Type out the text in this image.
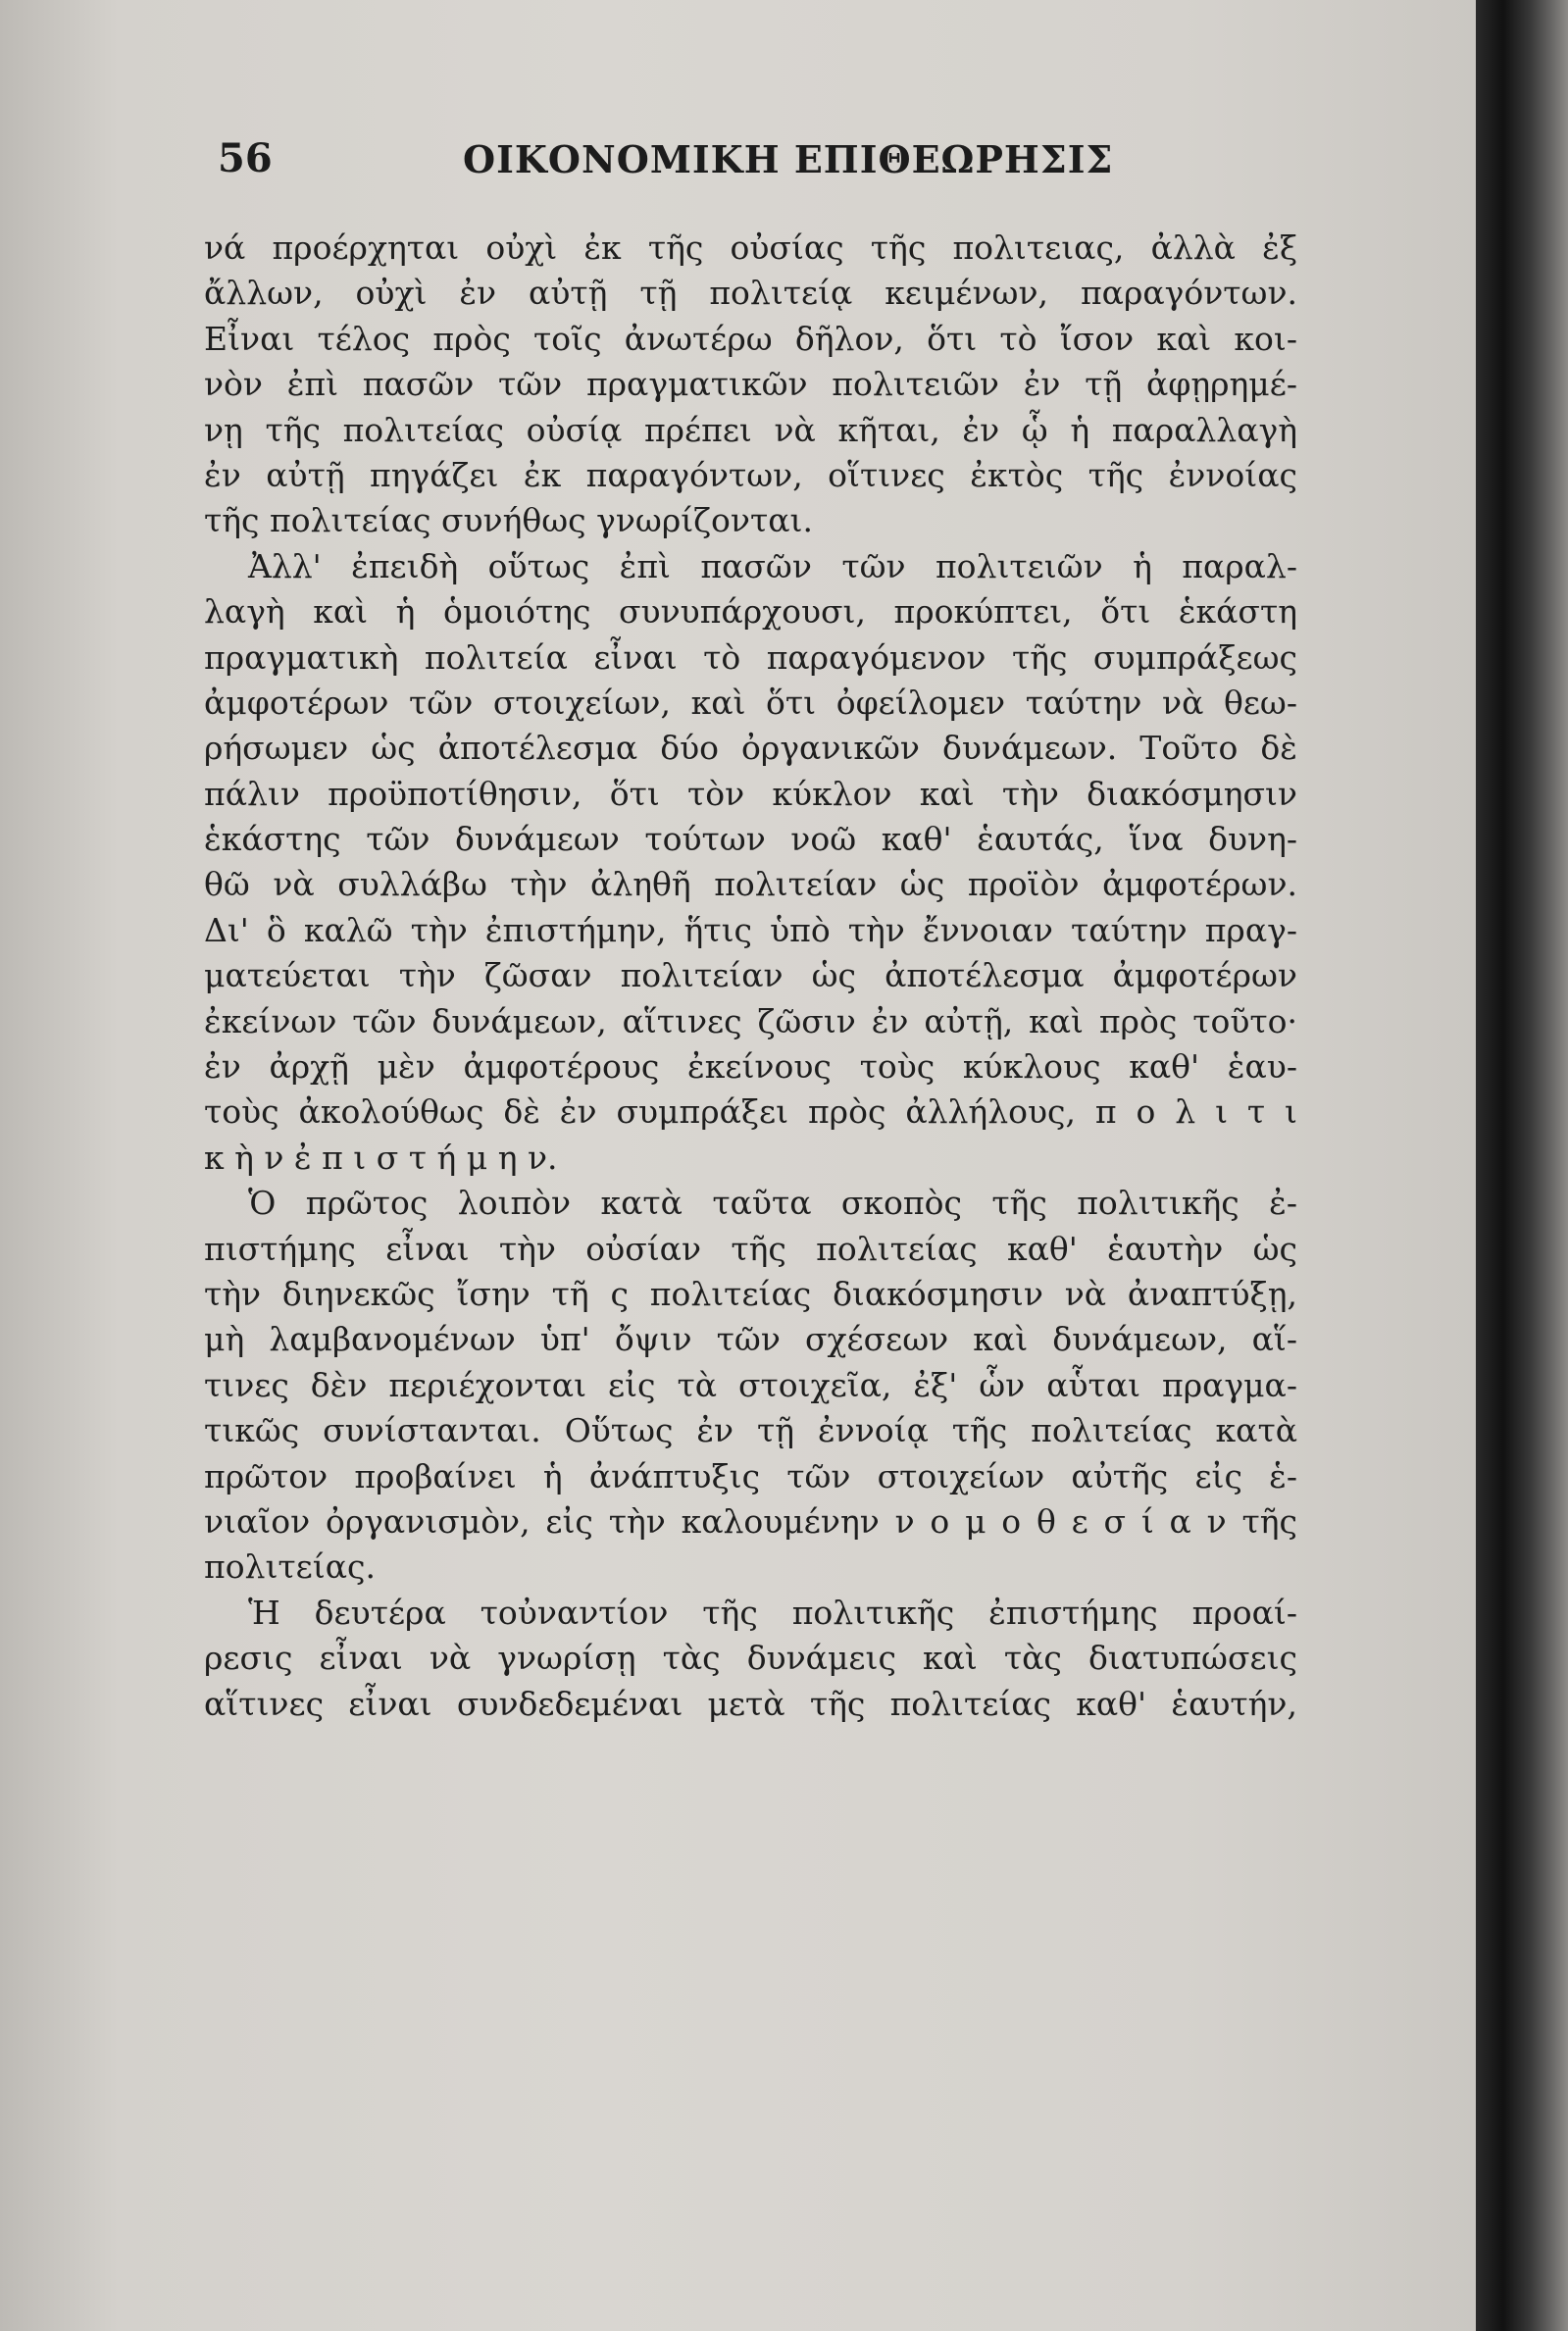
56	ΟΙΚΟΝΟΜΙΚΗ ΕΠΙΘΕΩΡΗΣΙΣ
νά προέρχηται οὐχὶ ἐκ τῆς οὐσίας τῆς πολιτειας, ἀλλὰ ἐξ
ἄλλων, οὐχὶ ἐν αὐτῇ τῇ πολιτείᾳ κειμένων, παραγόντων.
Εἶναι τέλος πρὸς τοῖς ἀνωτέρω δῆλον, ὅτι τὸ ἴσον καὶ κοι-
νὸν ἐπὶ πασῶν τῶν πραγματικῶν πολιτειῶν ἐν τῇ ἀφῃρημέ-
νῃ τῆς πολιτείας οὐσίᾳ πρέπει νὰ κῆται, ἐν ᾧ ἡ παραλλαγὴ
ἐν αὐτῇ πηγάζει ἐκ παραγόντων, οἵτινες ἐκτὸς τῆς ἐννοίας
τῆς πολιτείας συνήθως γνωρίζονται.
Ἀλλ' ἐπειδὴ οὕτως ἐπὶ πασῶν τῶν πολιτειῶν ἡ παραλ-
λαγὴ καὶ ἡ ὁμοιότης συνυπάρχουσι, προκύπτει, ὅτι ἑκάστη
πραγματικὴ πολιτεία εἶναι τὸ παραγόμενον τῆς συμπράξεως
ἀμφοτέρων τῶν στοιχείων, καὶ ὅτι ὀφείλομεν ταύτην νὰ θεω-
ρήσωμεν ὡς ἀποτέλεσμα δύο ὀργανικῶν δυνάμεων. Τοῦτο δὲ
πάλιν προϋποτίθησιν, ὅτι τὸν κύκλον καὶ τὴν διακόσμησιν
ἑκάστης τῶν δυνάμεων τούτων νοῶ καθ' ἑαυτάς, ἵνα δυνη-
θῶ νὰ συλλάβω τὴν ἀληθῆ πολιτείαν ὡς προϊὸν ἀμφοτέρων.
Δι' ὃ καλῶ τὴν ἐπιστήμην, ἥτις ὑπὸ τὴν ἔννοιαν ταύτην πραγ-
ματεύεται τὴν ζῶσαν πολιτείαν ὡς ἀποτέλεσμα ἀμφοτέρων
ἐκείνων τῶν δυνάμεων, αἵτινες ζῶσιν ἐν αὐτῇ, καὶ πρὸς τοῦτο·
ἐν ἀρχῇ μὲν ἀμφοτέρους ἐκείνους τοὺς κύκλους καθ' ἑαυ-
τοὺς ἀκολούθως δὲ ἐν συμπράξει πρὸς ἀλλήλους, π ο λ ι τ ι
κ ὴ ν ἐ π ι σ τ ή μ η ν.
Ὁ πρῶτος λοιπὸν κατὰ ταῦτα σκοπὸς τῆς πολιτικῆς ἐ-
πιστήμης εἶναι τὴν οὐσίαν τῆς πολιτείας καθ' ἑαυτὴν ὡς
τὴν διηνεκῶς ἴσην τῆ ς πολιτείας διακόσμησιν νὰ ἀναπτύξῃ,
μὴ λαμβανομένων ὑπ' ὄψιν τῶν σχέσεων καὶ δυνάμεων, αἵ-
τινες δὲν περιέχονται εἰς τὰ στοιχεῖα, ἐξ' ὧν αὗται πραγμα-
τικῶς συνίστανται. Οὕτως ἐν τῇ ἐννοίᾳ τῆς πολιτείας κατὰ
πρῶτον προβαίνει ἡ ἀνάπτυξις τῶν στοιχείων αὐτῆς εἰς ἑ-
νιαῖον ὀργανισμὸν, εἰς τὴν καλουμένην ν ο μ ο θ ε σ ί α ν τῆς
πολιτείας.
Ἡ δευτέρα τοὐναντίον τῆς πολιτικῆς ἐπιστήμης προαί-
ρεσις εἶναι νὰ γνωρίσῃ τὰς δυνάμεις καὶ τὰς διατυπώσεις
αἵτινες εἶναι συνδεδεμέναι μετὰ τῆς πολιτείας καθ' ἑαυτήν,
